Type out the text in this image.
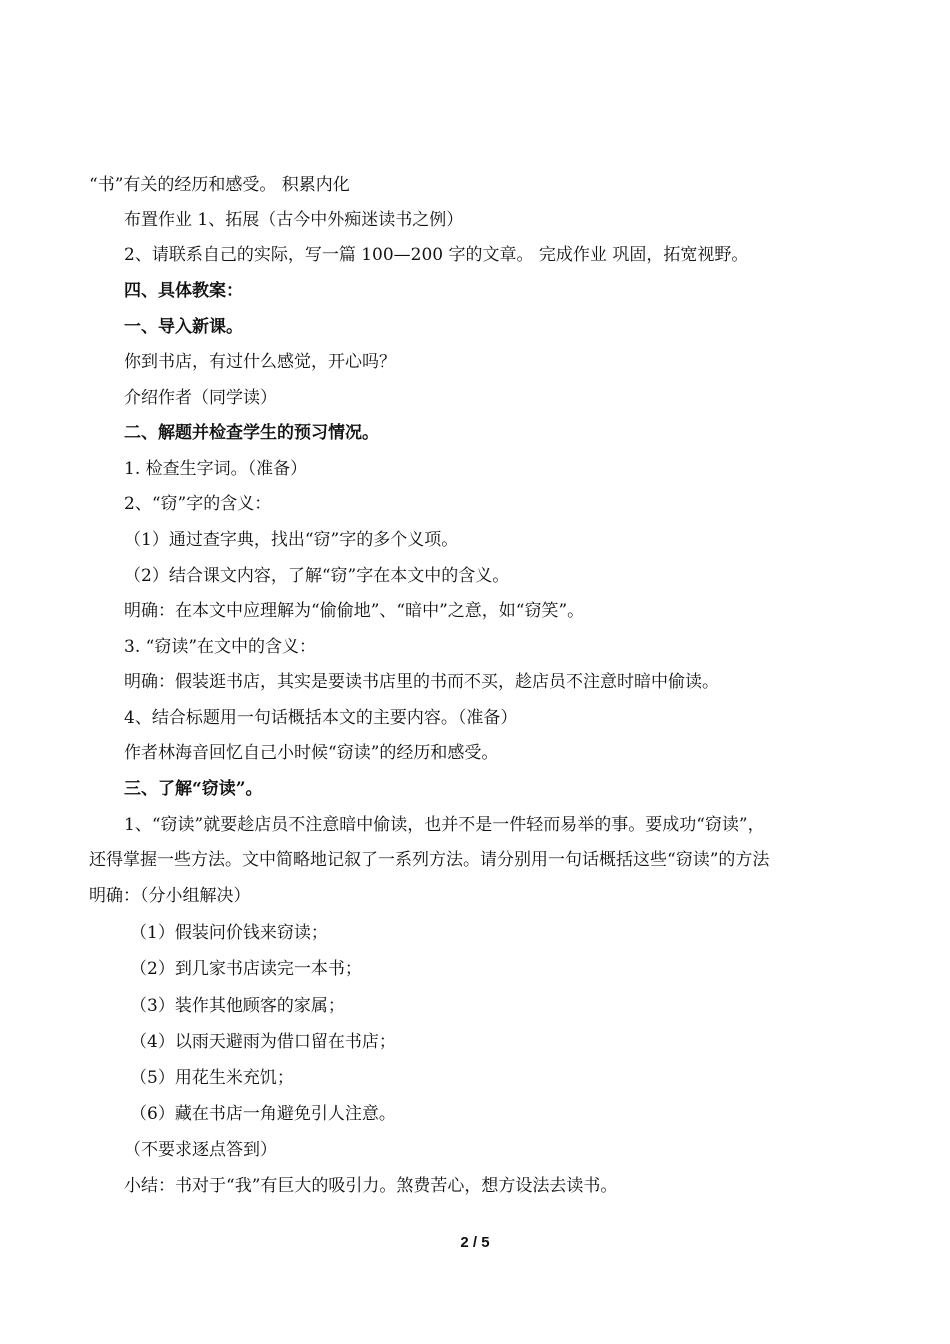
“书”有关的经历和感受。 积累内化
布置作业 1、拓展（古今中外痴迷读书之例）
2、请联系自己的实际，写一篇 100—200 字的文章。 完成作业 巩固，拓宽视野。
四、具体教案：
一、导入新课。
你到书店，有过什么感觉，开心吗？
介绍作者（同学读）
二、解题并检查学生的预习情况。
1. 检查生字词。（准备）
2、“窃”字的含义：
（1）通过查字典，找出“窃”字的多个义项。
（2）结合课文内容，了解“窃”字在本文中的含义。
明确：在本文中应理解为“偷偷地”、“暗中”之意，如“窃笑”。
3. “窃读”在文中的含义：
明确：假装逛书店，其实是要读书店里的书而不买，趁店员不注意时暗中偷读。
4、结合标题用一句话概括本文的主要内容。（准备）
作者林海音回忆自己小时候“窃读”的经历和感受。
三、了解“窃读”。
1、“窃读”就要趁店员不注意暗中偷读，也并不是一件轻而易举的事。要成功“窃读”，
还得掌握一些方法。文中简略地记叙了一系列方法。请分别用一句话概括这些“窃读”的方法
明确：（分小组解决）
（1）假装问价钱来窃读；
（2）到几家书店读完一本书；
（3）装作其他顾客的家属；
（4）以雨天避雨为借口留在书店；
（5）用花生米充饥；
（6）藏在书店一角避免引人注意。
（不要求逐点答到）
小结：书对于“我”有巨大的吸引力。煞费苦心，想方设法去读书。
2 / 5
